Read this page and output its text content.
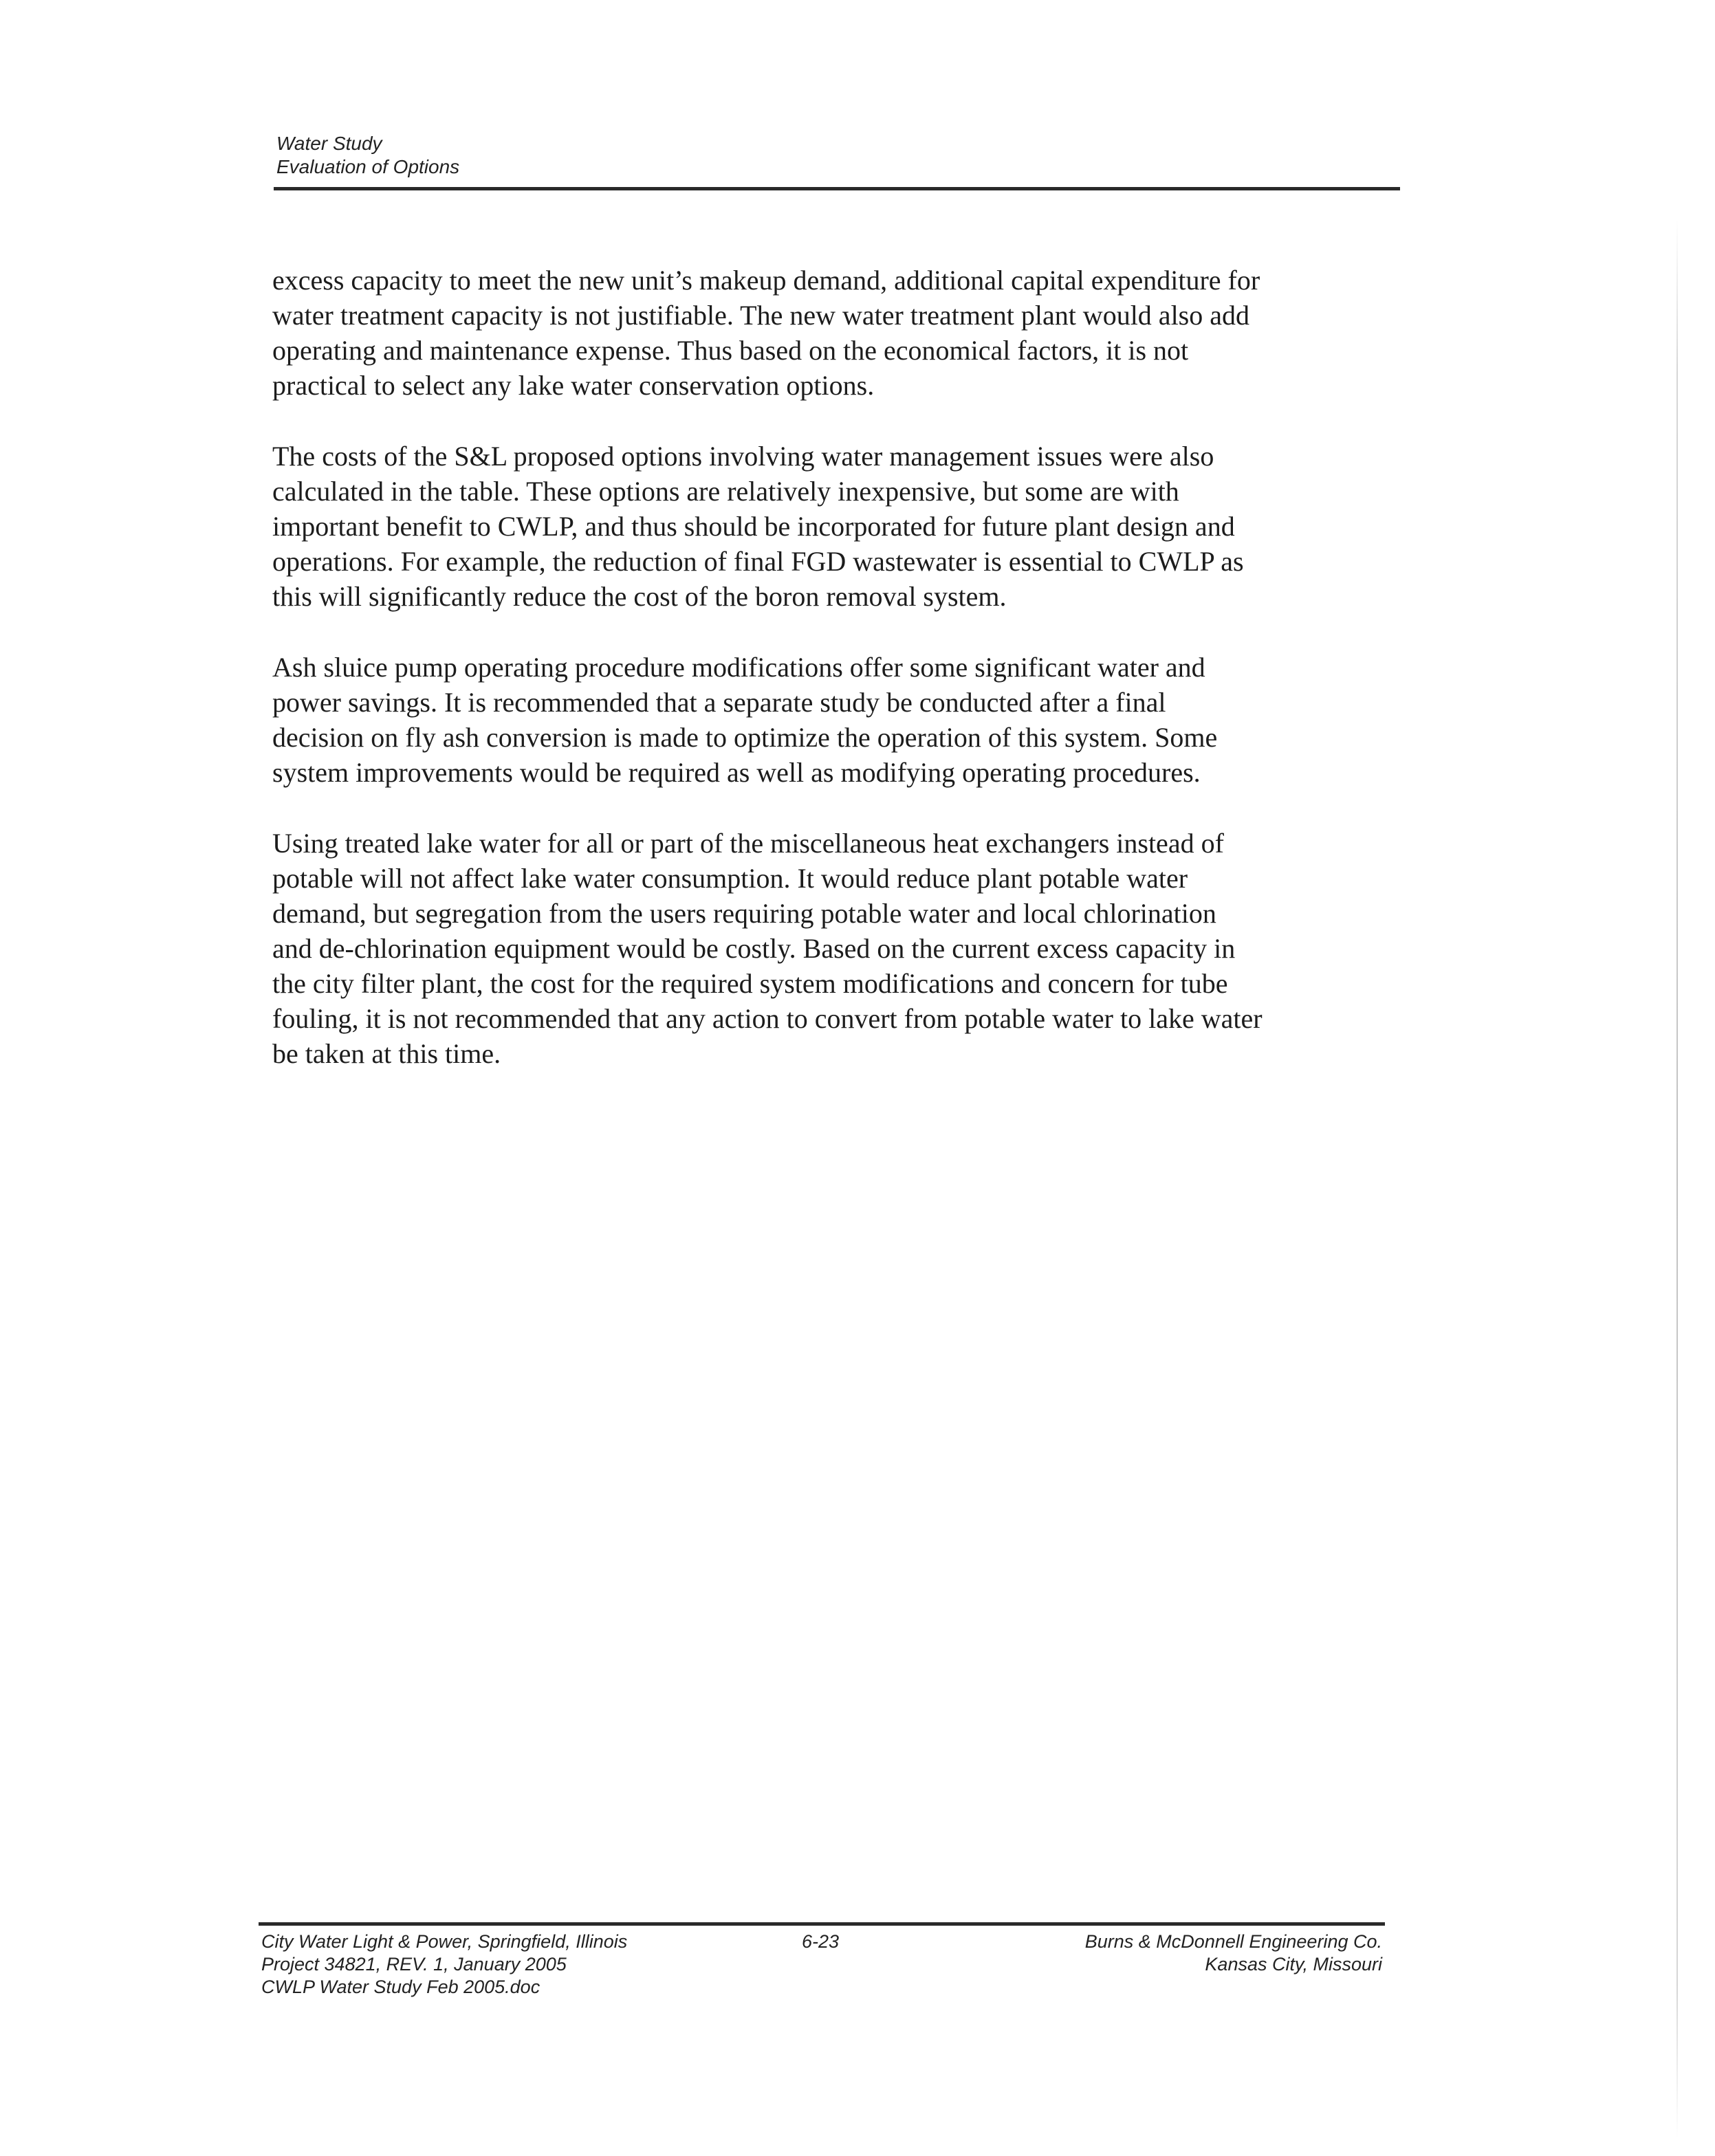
Water Study
Evaluation of Options

excess capacity to meet the new unit’s makeup demand, additional capital expenditure for
water treatment capacity is not justifiable. The new water treatment plant would also add
operating and maintenance expense. Thus based on the economical factors, it is not
practical to select any lake water conservation options.

The costs of the S&L proposed options involving water management issues were also
calculated in the table. These options are relatively inexpensive, but some are with
important benefit to CWLP, and thus should be incorporated for future plant design and
operations. For example, the reduction of final FGD wastewater is essential to CWLP as
this will significantly reduce the cost of the boron removal system.

Ash sluice pump operating procedure modifications offer some significant water and
power savings. It is recommended that a separate study be conducted after a final
decision on fly ash conversion is made to optimize the operation of this system. Some
system improvements would be required as well as modifying operating procedures.

Using treated lake water for all or part of the miscellaneous heat exchangers instead of
potable will not affect lake water consumption. It would reduce plant potable water
demand, but segregation from the users requiring potable water and local chlorination
and de-chlorination equipment would be costly. Based on the current excess capacity in
the city filter plant, the cost for the required system modifications and concern for tube
fouling, it is not recommended that any action to convert from potable water to lake water
be taken at this time.

City Water Light & Power, Springfield, Illinois
Project 34821, REV. 1, January 2005
CWLP Water Study Feb 2005.doc
6-23	Burns & McDonnell Engineering Co.
Kansas City, Missouri
